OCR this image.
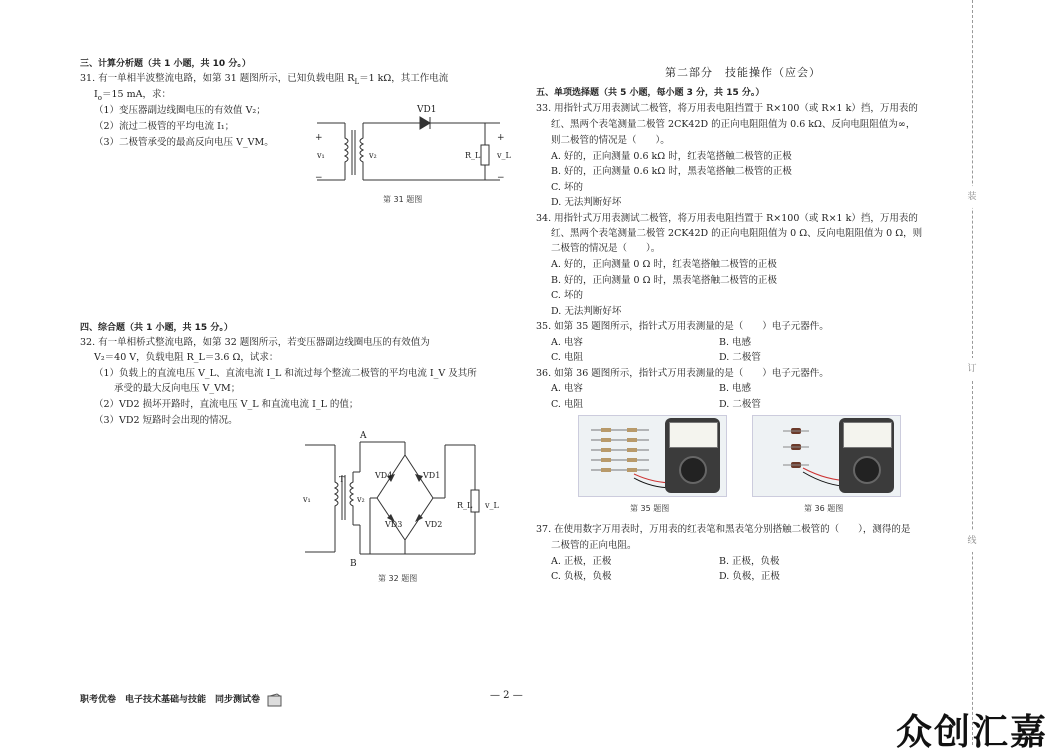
三、计算分析题（共 1 小题，共 10 分。）
31. 有一单相半波整流电路，如第 31 题图所示，已知负载电阻 $R_L=1$ kΩ，其工作电流
$I_o=15$ mA，求：
（1）变压器副边线圈电压的有效值 V₂；
（2）流过二极管的平均电流 I₁；
（3）二极管承受的最高反向电压 V_VM。
VD1
+
−
v₁	v₂	R_L
+
v_L
−
第 31 题图
四、综合题（共 1 小题，共 15 分。）
32. 有一单相桥式整流电路，如第 32 题图所示，若变压器副边线圈电压的有效值为
V₂＝40 V，负载电阻 R_L＝3.6 Ω，试求：
（1）负载上的直流电压 V_L、直流电流 I_L 和流过每个整流二极管的平均电流 I_V 及其所
承受的最大反向电压 V_VM；
（2）VD2 损坏开路时，直流电压 V_L 和直流电流 I_L 的值；
（3）VD2 短路时会出现的情况。
A
B
T	VD4	VD1
VD3	VD2
v₁	v₂
R_L v_L
第 32 题图
第二部分　技能操作（应会）
五、单项选择题（共 5 小题，每小题 3 分，共 15 分。）
33. 用指针式万用表测试二极管，将万用表电阻挡置于 R×100（或 R×1 k）挡，万用表的
红、黑两个表笔测量二极管 2CK42D 的正向电阻阻值为 0.6 kΩ、反向电阻阻值为∞，
则二极管的情况是（　　）。
A. 好的，正向测量 0.6 kΩ 时，红表笔搭触二极管的正极
B. 好的，正向测量 0.6 kΩ 时，黑表笔搭触二极管的正极
C. 坏的
D. 无法判断好坏
34. 用指针式万用表测试二极管，将万用表电阻挡置于 R×100（或 R×1 k）挡，万用表的
红、黑两个表笔测量二极管 2CK42D 的正向电阻阻值为 0 Ω、反向电阻阻值为 0 Ω，则
二极管的情况是（　　）。
A. 好的，正向测量 0 Ω 时，红表笔搭触二极管的正极
B. 好的，正向测量 0 Ω 时，黑表笔搭触二极管的正极
C. 坏的
D. 无法判断好坏
35. 如第 35 题图所示，指针式万用表测量的是（　　）电子元器件。
A. 电容	B. 电感
C. 电阻	D. 二极管
36. 如第 36 题图所示，指针式万用表测量的是（　　）电子元器件。
A. 电容	B. 电感
C. 电阻	D. 二极管
第 35 题图	第 36 题图
37. 在使用数字万用表时，万用表的红表笔和黑表笔分别搭触二极管的（　　），测得的是
二极管的正向电阻。
A. 正极，正极	B. 正极，负极
C. 负极，负极	D. 负极，正极
职考优卷　电子技术基础与技能　同步测试卷	— 2 —
装
订
线
众创汇嘉
